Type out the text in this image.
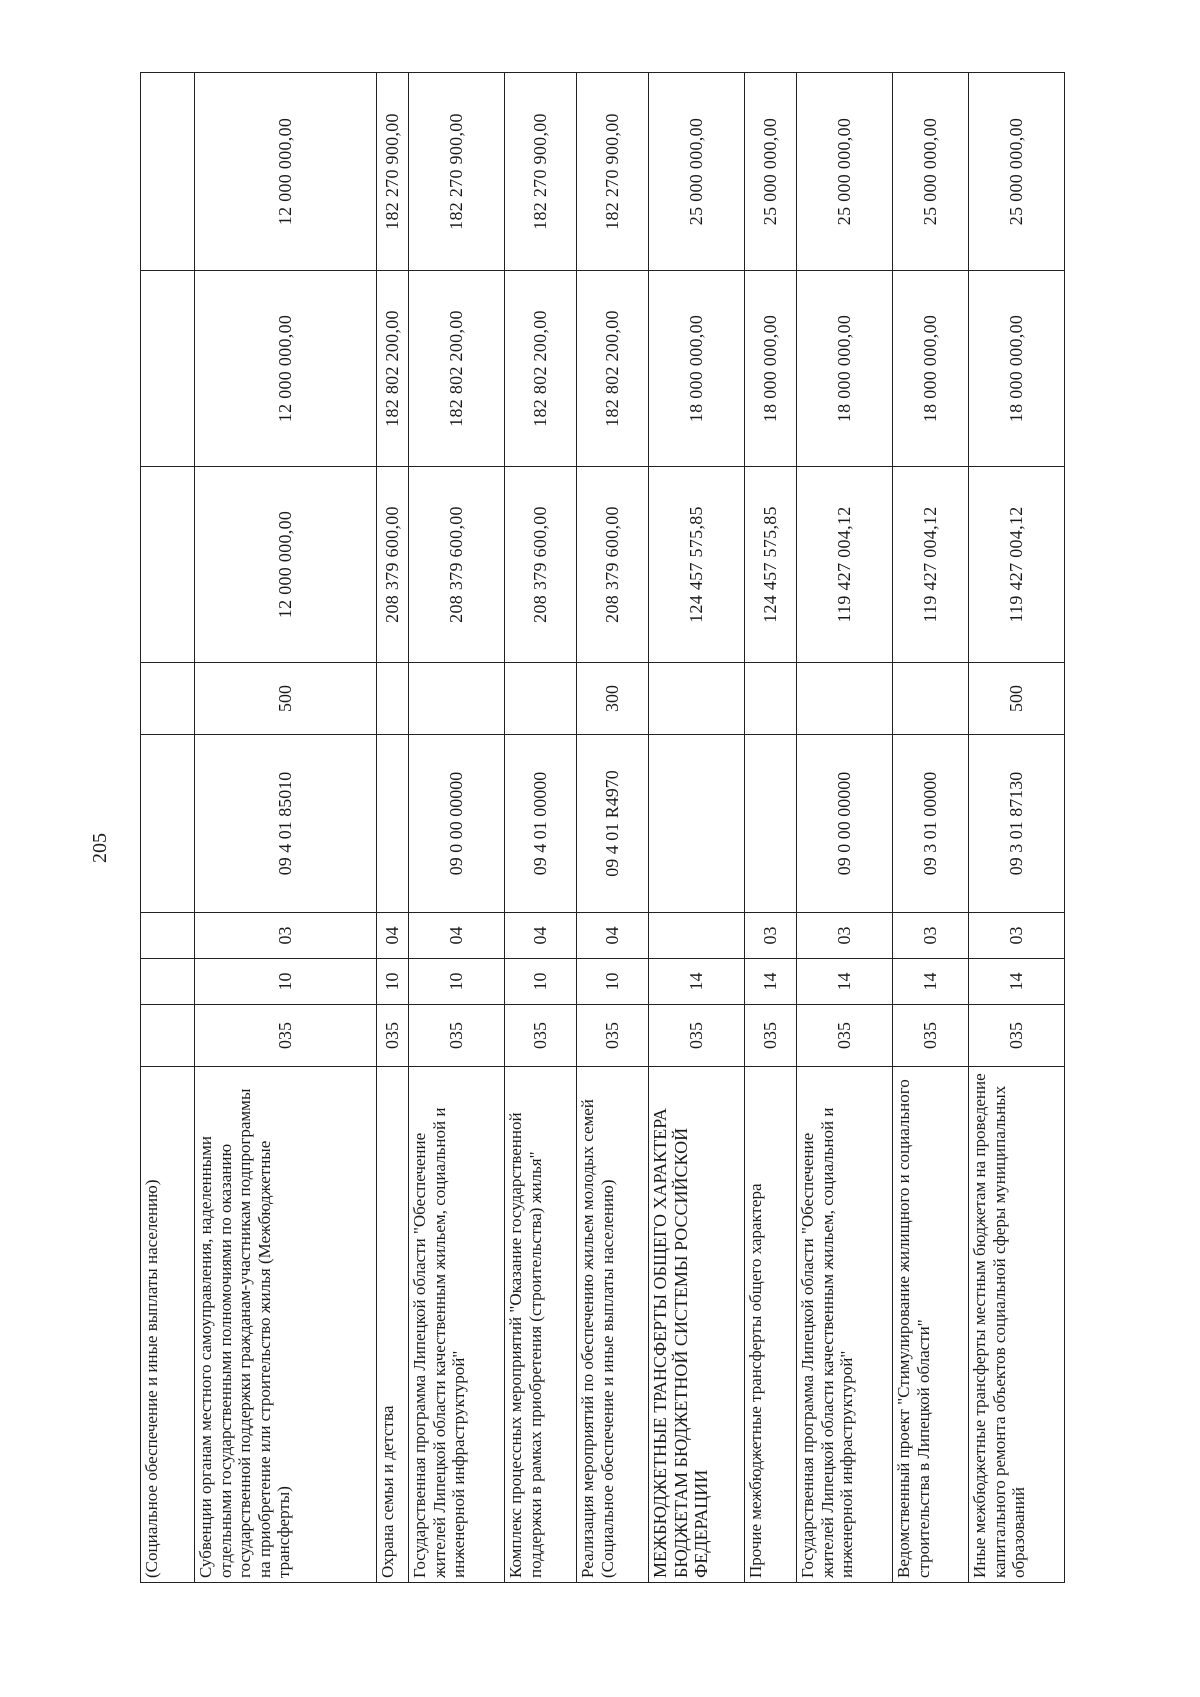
205
(Социальное обеспечение и иные выплаты населению)								
Субвенции органам местного самоуправления, наделенными отдельными государственными полномочиями по оказанию государственной поддержки гражданам-участникам подпрограммы на приобретение или строительство жилья (Межбюджетные трансферты)	035	10	03	09 4 01 85010	500	12 000 000,00	12 000 000,00	12 000 000,00
Охрана семьи и детства	035	10	04			208 379 600,00	182 802 200,00	182 270 900,00
Государственная программа Липецкой области "Обеспечение жителей Липецкой области качественным жильем, социальной и инженерной инфраструктурой"	035	10	04	09 0 00 00000		208 379 600,00	182 802 200,00	182 270 900,00
Комплекс процессных мероприятий "Оказание государственной поддержки в рамках приобретения (строительства) жилья"	035	10	04	09 4 01 00000		208 379 600,00	182 802 200,00	182 270 900,00
Реализация мероприятий по обеспечению жильем молодых семей (Социальное обеспечение и иные выплаты населению)	035	10	04	09 4 01 R4970	300	208 379 600,00	182 802 200,00	182 270 900,00
МЕЖБЮДЖЕТНЫЕ ТРАНСФЕРТЫ ОБЩЕГО ХАРАКТЕРА БЮДЖЕТАМ БЮДЖЕТНОЙ СИСТЕМЫ РОССИЙСКОЙ ФЕДЕРАЦИИ	035	14				124 457 575,85	18 000 000,00	25 000 000,00
Прочие межбюджетные трансферты общего характера	035	14	03			124 457 575,85	18 000 000,00	25 000 000,00
Государственная программа Липецкой области "Обеспечение жителей Липецкой области качественным жильем, социальной и инженерной инфраструктурой"	035	14	03	09 0 00 00000		119 427 004,12	18 000 000,00	25 000 000,00
Ведомственный проект "Стимулирование жилищного и социального строительства в Липецкой области"	035	14	03	09 3 01 00000		119 427 004,12	18 000 000,00	25 000 000,00
Иные межбюджетные трансферты местным бюджетам на проведение капитального ремонта объектов социальной сферы муниципальных образований	035	14	03	09 3 01 87130	500	119 427 004,12	18 000 000,00	25 000 000,00
